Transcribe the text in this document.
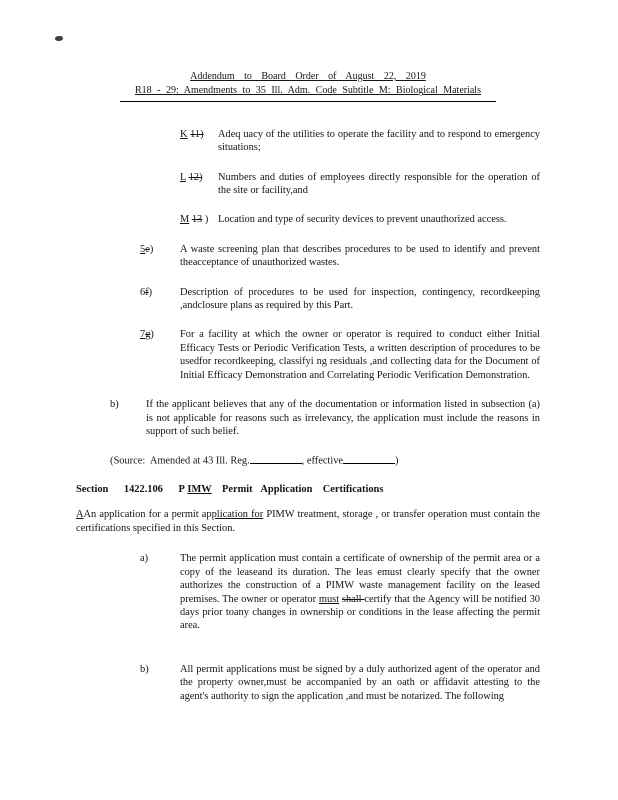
Addendum to Board Order of August 22, 2019
R18 - 29: Amendments to 35 Ill. Adm. Code Subtitle M: Biological Materials
K 11)	Adeq uacy of the utilities to operate the facility and to respond to emergency situations;
L 12)	Numbers and duties of employees directly responsible for the operation of the site or facility,and
M 13 ) Location and type of security devices to prevent unauthorized access.
5e)	A waste screening plan that describes procedures to be used to identify and prevent theacceptance of unauthorized wastes.
6f)	Description of procedures to be used for inspection, contingency, recordkeeping ,andclosure plans as required by this Part.
7g)	For a facility at which the owner or operator is required to conduct either Initial Efficacy Tests or Periodic Verification Tests, a written description of procedures to be usedfor recordkeeping, classifyi ng residuals ,and collecting data for the Document of Initial Efficacy Demonstration and Correlating Periodic Verification Demonstration.
b)	If the applicant believes that any of the documentation or information listed in subsection (a) is not applicable for reasons such as irrelevancy, the application must include the reasons in support of such belief.
(Source:  Amended at 43 Ill. Reg.	, effective	)
Section      1422.106      P IMW    Permit   Application    Certifications
AAn application for a permit application for PIMW treatment, storage , or transfer operation must contain the certifications specified in this Section.
a)	The permit application must contain a certificate of ownership of the permit area or a copy of the leaseand its duration. The leas emust clearly specify that the owner authorizes the construction of a PIMW waste management facility on the leased premises. The owner or operator must shall certify that the Agency will be notified 30 days prior toany changes in ownership or conditions in the lease affecting the permit area.
b)	All permit applications must be signed by a duly authorized agent of the operator and the property owner,must be accompanied by an oath or affidavit attesting to the agent's authority to sign the application ,and must be notarized. The following
